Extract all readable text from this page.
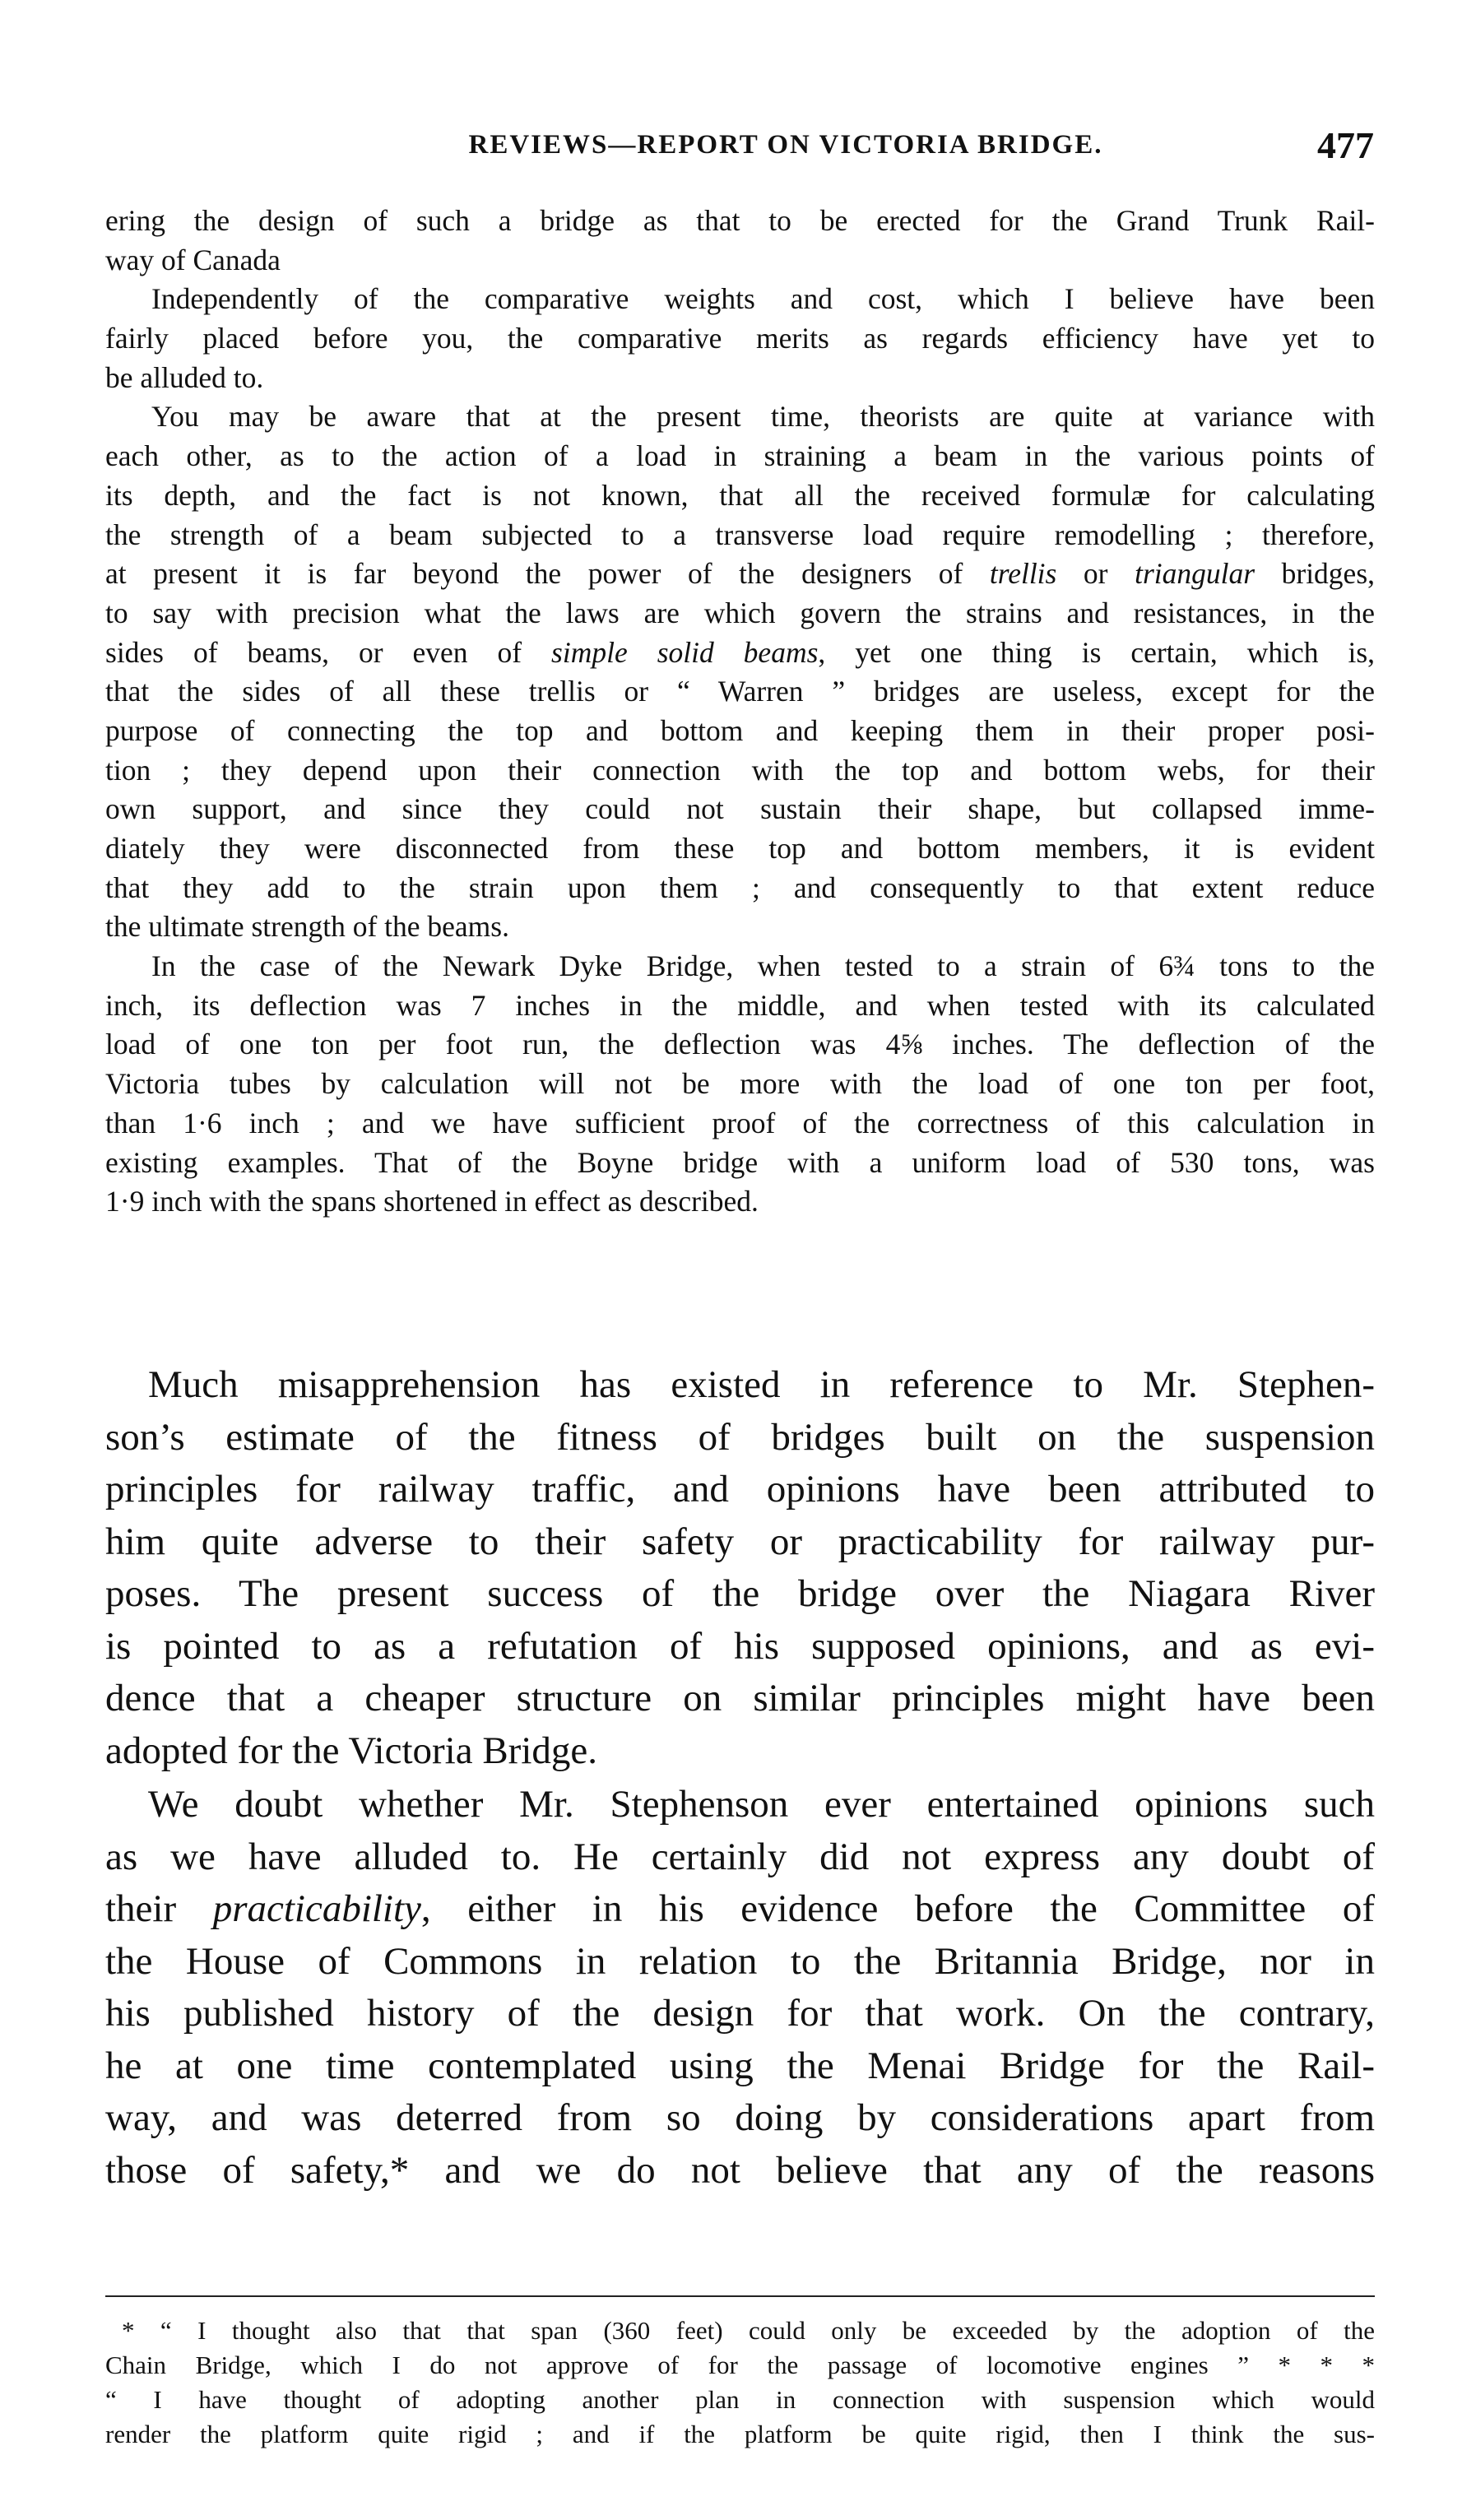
REVIEWS—REPORT ON VICTORIA BRIDGE.	477

ering the design of such a bridge as that to be erected for the Grand Trunk Rail-
way of Canada

Independently of the comparative weights and cost, which I believe have been
fairly placed before you, the comparative merits as regards efficiency have yet to
be alluded to.

You may be aware that at the present time, theorists are quite at variance with
each other, as to the action of a load in straining a beam in the various points of
its depth, and the fact is not known, that all the received formulæ for calculating
the strength of a beam subjected to a transverse load require remodelling ; therefore,
at present it is far beyond the power of the designers of trellis or triangular bridges,
to say with precision what the laws are which govern the strains and resistances, in the
sides of beams, or even of simple solid beams, yet one thing is certain, which is,
that the sides of all these trellis or “ Warren ” bridges are useless, except for the
purpose of connecting the top and bottom and keeping them in their proper posi-
tion ; they depend upon their connection with the top and bottom webs, for their
own support, and since they could not sustain their shape, but collapsed imme-
diately they were disconnected from these top and bottom members, it is evident
that they add to the strain upon them ; and consequently to that extent reduce
the ultimate strength of the beams.

In the case of the Newark Dyke Bridge, when tested to a strain of 6¾ tons to the
inch, its deflection was 7 inches in the middle, and when tested with its calculated
load of one ton per foot run, the deflection was 4⅝ inches. The deflection of the
Victoria tubes by calculation will not be more with the load of one ton per foot,
than 1·6 inch ; and we have sufficient proof of the correctness of this calculation in
existing examples. That of the Boyne bridge with a uniform load of 530 tons, was
1·9 inch with the spans shortened in effect as described.

Much misapprehension has existed in reference to Mr. Stephen-
son’s estimate of the fitness of bridges built on the suspension
principles for railway traffic, and opinions have been attributed to
him quite adverse to their safety or practicability for railway pur-
poses. The present success of the bridge over the Niagara River
is pointed to as a refutation of his supposed opinions, and as evi-
dence that a cheaper structure on similar principles might have been
adopted for the Victoria Bridge.
We doubt whether Mr. Stephenson ever entertained opinions such
as we have alluded to. He certainly did not express any doubt of
their practicability, either in his evidence before the Committee of
the House of Commons in relation to the Britannia Bridge, nor in
his published history of the design for that work. On the contrary,
he at one time contemplated using the Menai Bridge for the Rail-
way, and was deterred from so doing by considerations apart from
those of safety,* and we do not believe that any of the reasons
* “ I thought also that that span (360 feet) could only be exceeded by the adoption of the
Chain Bridge, which I do not approve of for the passage of locomotive engines ” * * *
“ I have thought of adopting another plan in connection with suspension which would
render the platform quite rigid ; and if the platform be quite rigid, then I think the sus-
